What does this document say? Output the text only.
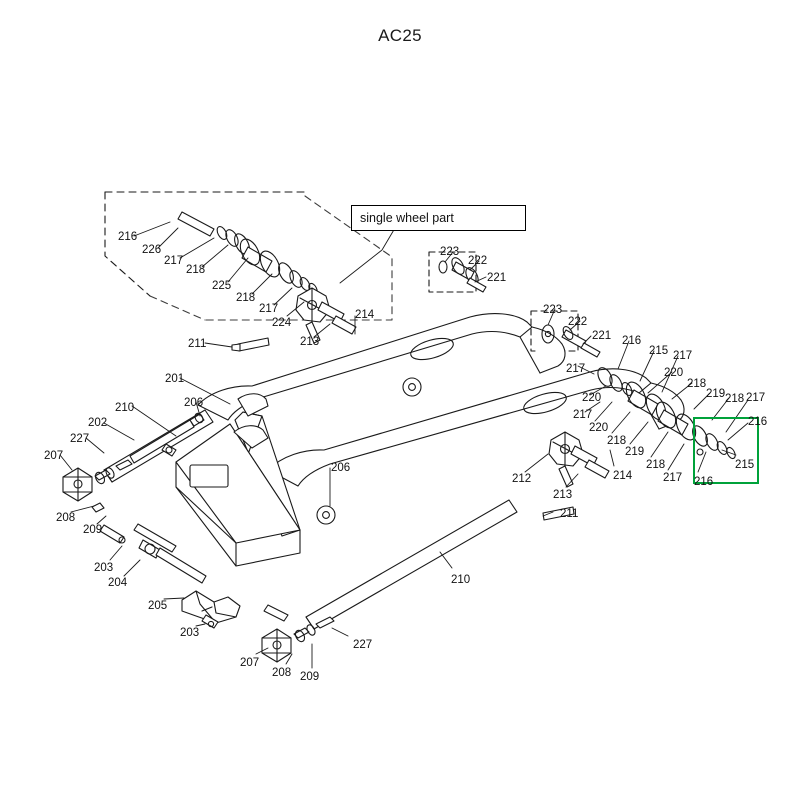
AC25
single wheel part
216
226
217
218
225
218
217
224
213
214
223
222
221
223
222
221
217
220
217
216
215 217
220
218
219 218 217
216
215
216
217
218
219
218
220
214
212
213
211
211
201
210	206
202
227
207
208
209
203
204
205
203
206
210
207
208 209
227
